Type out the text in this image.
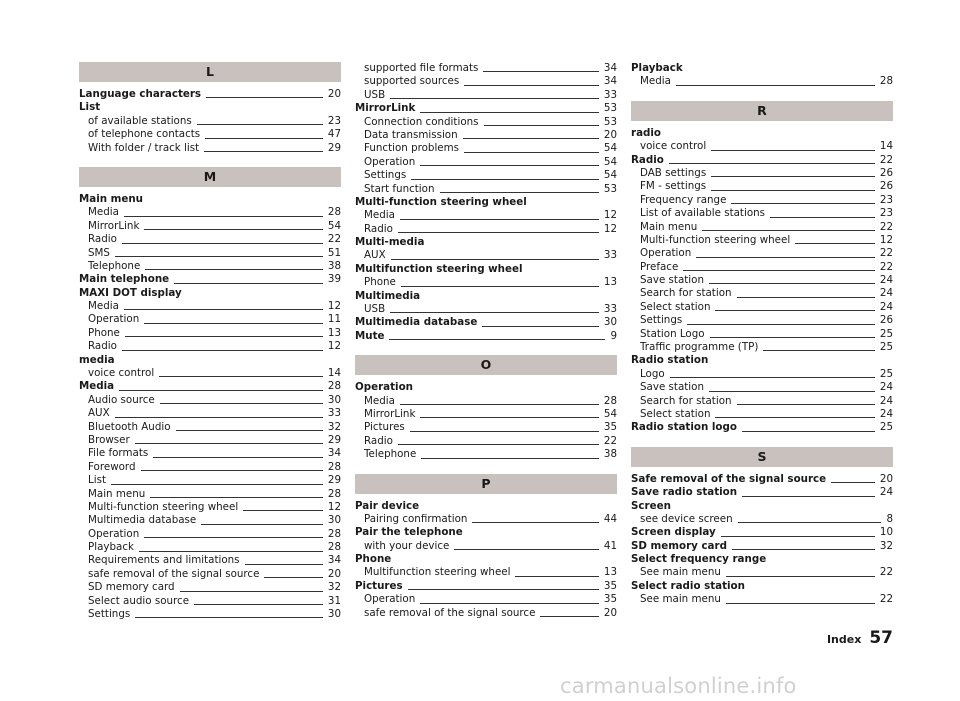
L
Language characters	20
List
of available stations	23
of telephone contacts	47
With folder / track list	29
M
Main menu
Media	28
MirrorLink	54
Radio	22
SMS	51
Telephone	38
Main telephone	39
MAXI DOT display
Media	12
Operation	11
Phone	13
Radio	12
media
voice control	14
Media	28
Audio source	30
AUX	33
Bluetooth Audio	32
Browser	29
File formats	34
Foreword	28
List	29
Main menu	28
Multi-function steering wheel	12
Multimedia database	30
Operation	28
Playback	28
Requirements and limitations	34
safe removal of the signal source	20
SD memory card	32
Select audio source	31
Settings	30
supported file formats	34
supported sources	34
USB	33
MirrorLink	53
Connection conditions	53
Data transmission	20
Function problems	54
Operation	54
Settings	54
Start function	53
Multi-function steering wheel
Media	12
Radio	12
Multi-media
AUX	33
Multifunction steering wheel
Phone	13
Multimedia
USB	33
Multimedia database	30
Mute	9
O
Operation
Media	28
MirrorLink	54
Pictures	35
Radio	22
Telephone	38
P
Pair device
Pairing confirmation	44
Pair the telephone
with your device	41
Phone
Multifunction steering wheel	13
Pictures	35
Operation	35
safe removal of the signal source	20
Playback
Media	28
R
radio
voice control	14
Radio	22
DAB settings	26
FM - settings	26
Frequency range	23
List of available stations	23
Main menu	22
Multi-function steering wheel	12
Operation	22
Preface	22
Save station	24
Search for station	24
Select station	24
Settings	26
Station Logo	25
Traffic programme (TP)	25
Radio station
Logo	25
Save station	24
Search for station	24
Select station	24
Radio station logo	25
S
Safe removal of the signal source	20
Save radio station	24
Screen
see device screen	8
Screen display	10
SD memory card	32
Select frequency range
See main menu	22
Select radio station
See main menu	22
Index 57
carmanualsonline.info
